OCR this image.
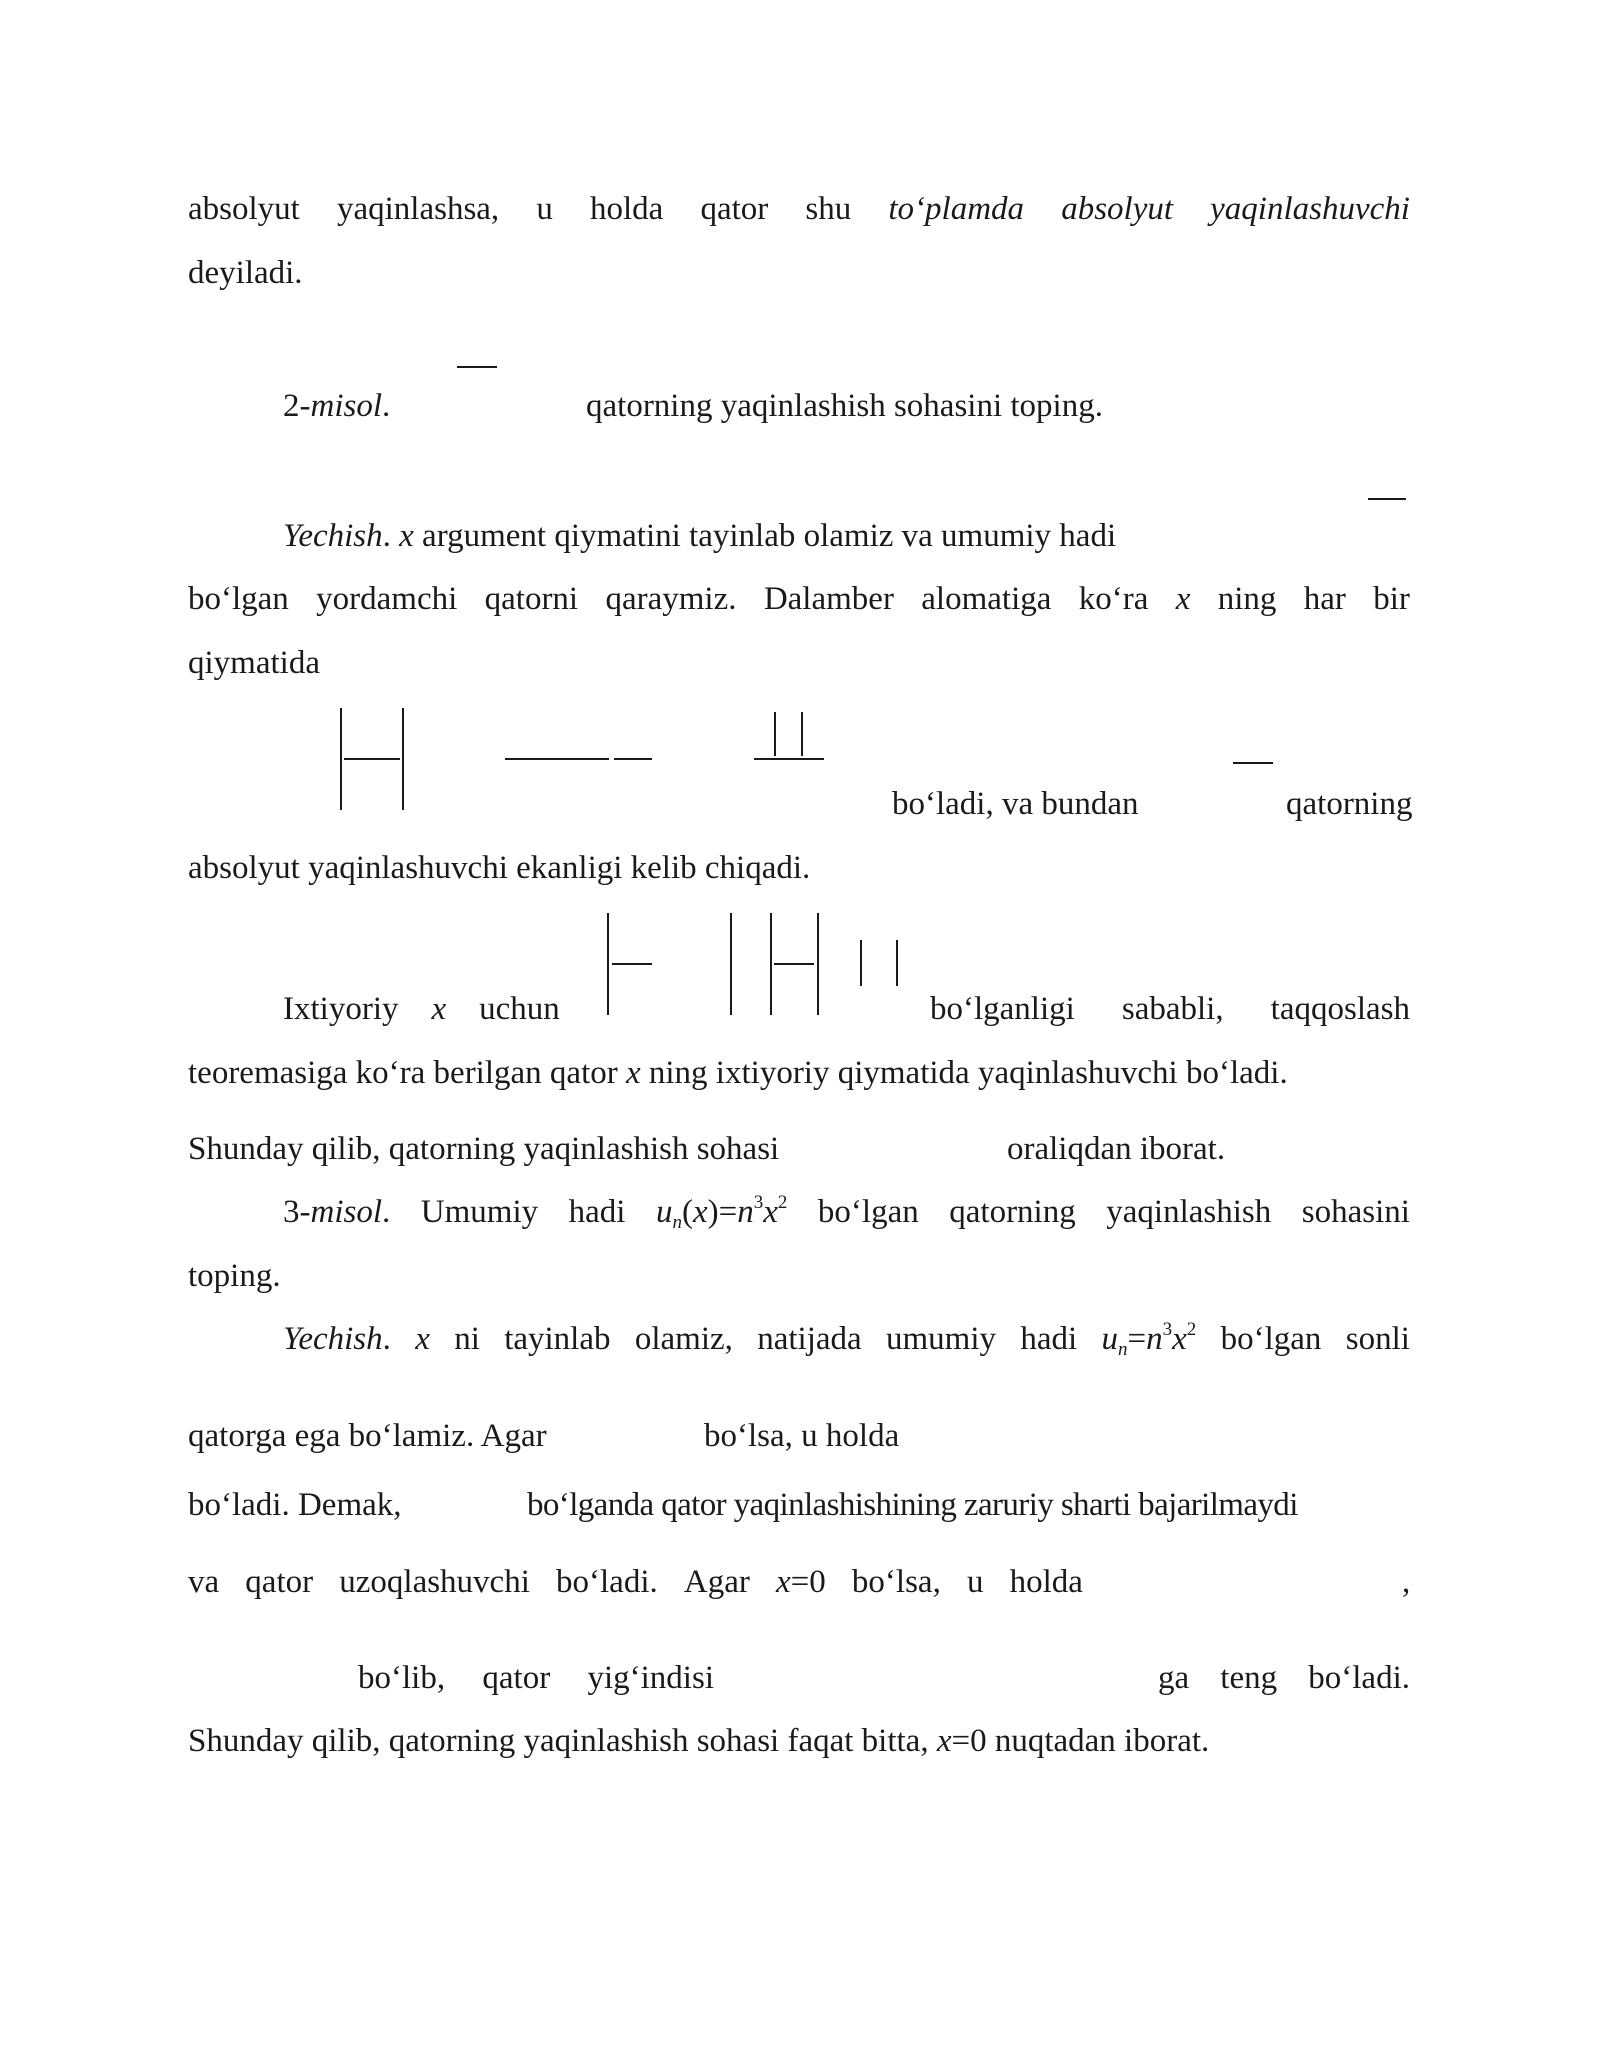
absolyut yaqinlashsa, u holda qator shu to‘plamda absolyut yaqinlashuvchi
deyiladi.
2-misol.	qatorning yaqinlashish sohasini toping.
Yechish. x argument qiymatini tayinlab olamiz va umumiy hadi
bo‘lgan yordamchi qatorni qaraymiz. Dalamber alomatiga ko‘ra x ning har bir
qiymatida
bo‘ladi, va bundan	qatorning
absolyut yaqinlashuvchi ekanligi kelib chiqadi.
Ixtiyoriy x uchun	bo‘lganligi sababli, taqqoslash
teoremasiga ko‘ra berilgan qator x ning ixtiyoriy qiymatida yaqinlashuvchi bo‘ladi.
Shunday qilib, qatorning yaqinlashish sohasi	oraliqdan iborat.
3-misol. Umumiy hadi $u_n(x)=n^3x^2$ bo‘lgan qatorning yaqinlashish sohasini
toping.
Yechish. x ni tayinlab olamiz, natijada umumiy hadi $u_n=n^3x^2$ bo‘lgan sonli
qatorga ega bo‘lamiz. Agar	bo‘lsa, u holda
bo‘ladi. Demak,	bo‘lganda qator yaqinlashishining zaruriy sharti bajarilmaydi
va qator uzoqlashuvchi bo‘ladi. Agar x=0 bo‘lsa, u holda	,
bo‘lib, qator yig‘indisi	ga teng bo‘ladi.
Shunday qilib, qatorning yaqinlashish sohasi faqat bitta, x=0 nuqtadan iborat.
